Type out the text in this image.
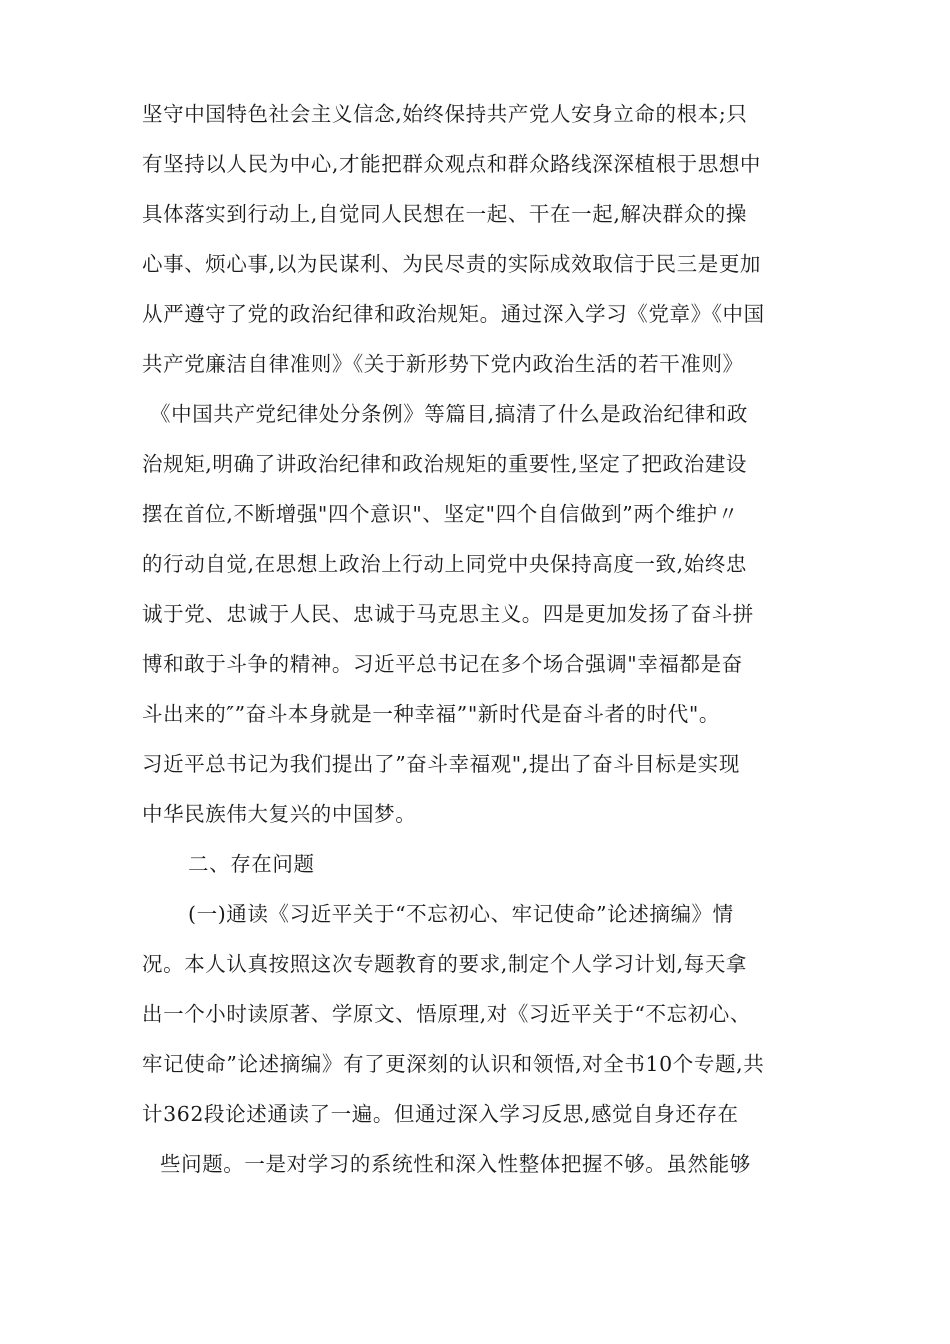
坚守中国特色社会主义信念,始终保持共产党人安身立命的根本;只
有坚持以人民为中心,才能把群众观点和群众路线深深植根于思想中
具体落实到行动上,自觉同人民想在一起、干在一起,解决群众的操
心事、烦心事,以为民谋利、为民尽责的实际成效取信于民三是更加
从严遵守了党的政治纪律和政治规矩。通过深入学习《党章》《中国
共产党廉洁自律准则》《关于新形势下党内政治生活的若干准则》
《中国共产党纪律处分条例》等篇目,搞清了什么是政治纪律和政
治规矩,明确了讲政治纪律和政治规矩的重要性,坚定了把政治建设
摆在首位,不断增强"四个意识"、坚定"四个自信做到”两个维护〃
的行动自觉,在思想上政治上行动上同党中央保持高度一致,始终忠
诚于党、忠诚于人民、忠诚于马克思主义。四是更加发扬了奋斗拼
博和敢于斗争的精神。习近平总书记在多个场合强调"幸福都是奋
斗出来的″”奋斗本身就是一种幸福”"新时代是奋斗者的时代"。
习近平总书记为我们提出了”奋斗幸福观",提出了奋斗目标是实现
中华民族伟大复兴的中国梦。
二、存在问题
(一)通读《习近平关于“不忘初心、牢记使命”论述摘编》情
况。本人认真按照这次专题教育的要求,制定个人学习计划,每天拿
出一个小时读原著、学原文、悟原理,对《习近平关于“不忘初心、
牢记使命”论述摘编》有了更深刻的认识和领悟,对全书10个专题,共
计362段论述通读了一遍。但通过深入学习反思,感觉自身还存在
些问题。一是对学习的系统性和深入性整体把握不够。虽然能够
